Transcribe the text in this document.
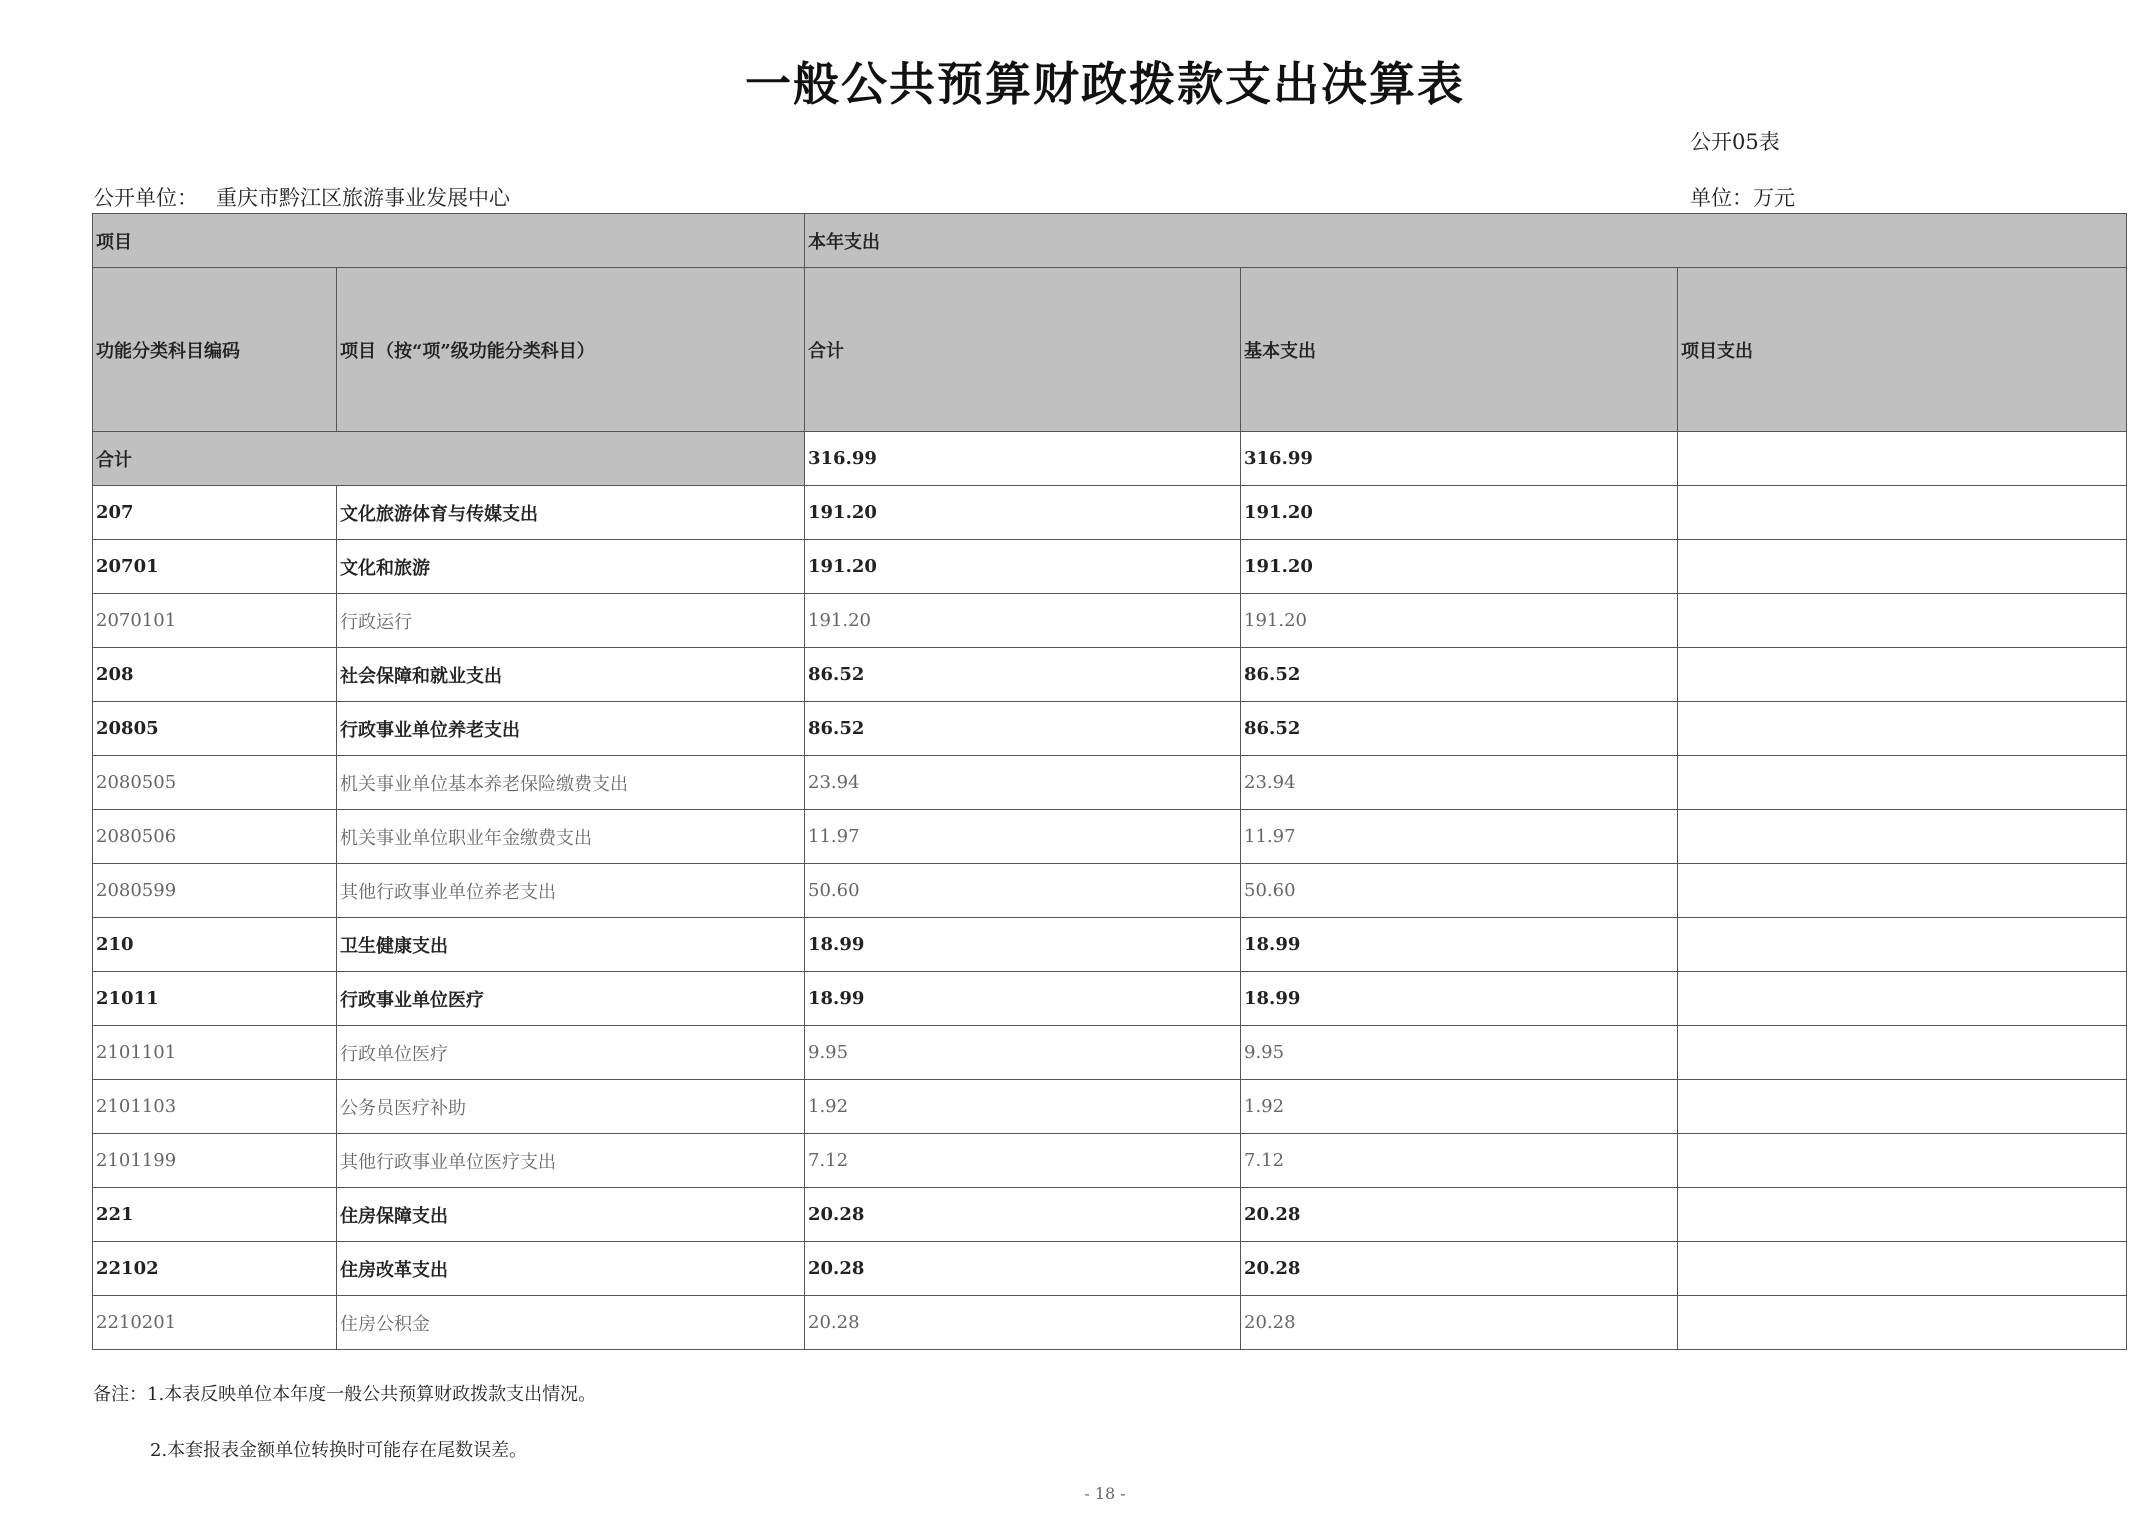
一般公共预算财政拨款支出决算表
公开05表
公开单位： 重庆市黔江区旅游事业发展中心	单位：万元
项目		本年支出		
功能分类科目编码	项目（按“项”级功能分类科目）	合计	基本支出	项目支出
合计		316.99	316.99	
207	文化旅游体育与传媒支出	191.20	191.20	
20701	文化和旅游	191.20	191.20	
2070101	行政运行	191.20	191.20	
208	社会保障和就业支出	86.52	86.52	
20805	行政事业单位养老支出	86.52	86.52	
2080505	机关事业单位基本养老保险缴费支出	23.94	23.94	
2080506	机关事业单位职业年金缴费支出	11.97	11.97	
2080599	其他行政事业单位养老支出	50.60	50.60	
210	卫生健康支出	18.99	18.99	
21011	行政事业单位医疗	18.99	18.99	
2101101	行政单位医疗	9.95	9.95	
2101103	公务员医疗补助	1.92	1.92	
2101199	其他行政事业单位医疗支出	7.12	7.12	
221	住房保障支出	20.28	20.28	
22102	住房改革支出	20.28	20.28	
2210201	住房公积金	20.28	20.28	
备注：1.本表反映单位本年度一般公共预算财政拨款支出情况。
2.本套报表金额单位转换时可能存在尾数误差。
- 18 -
